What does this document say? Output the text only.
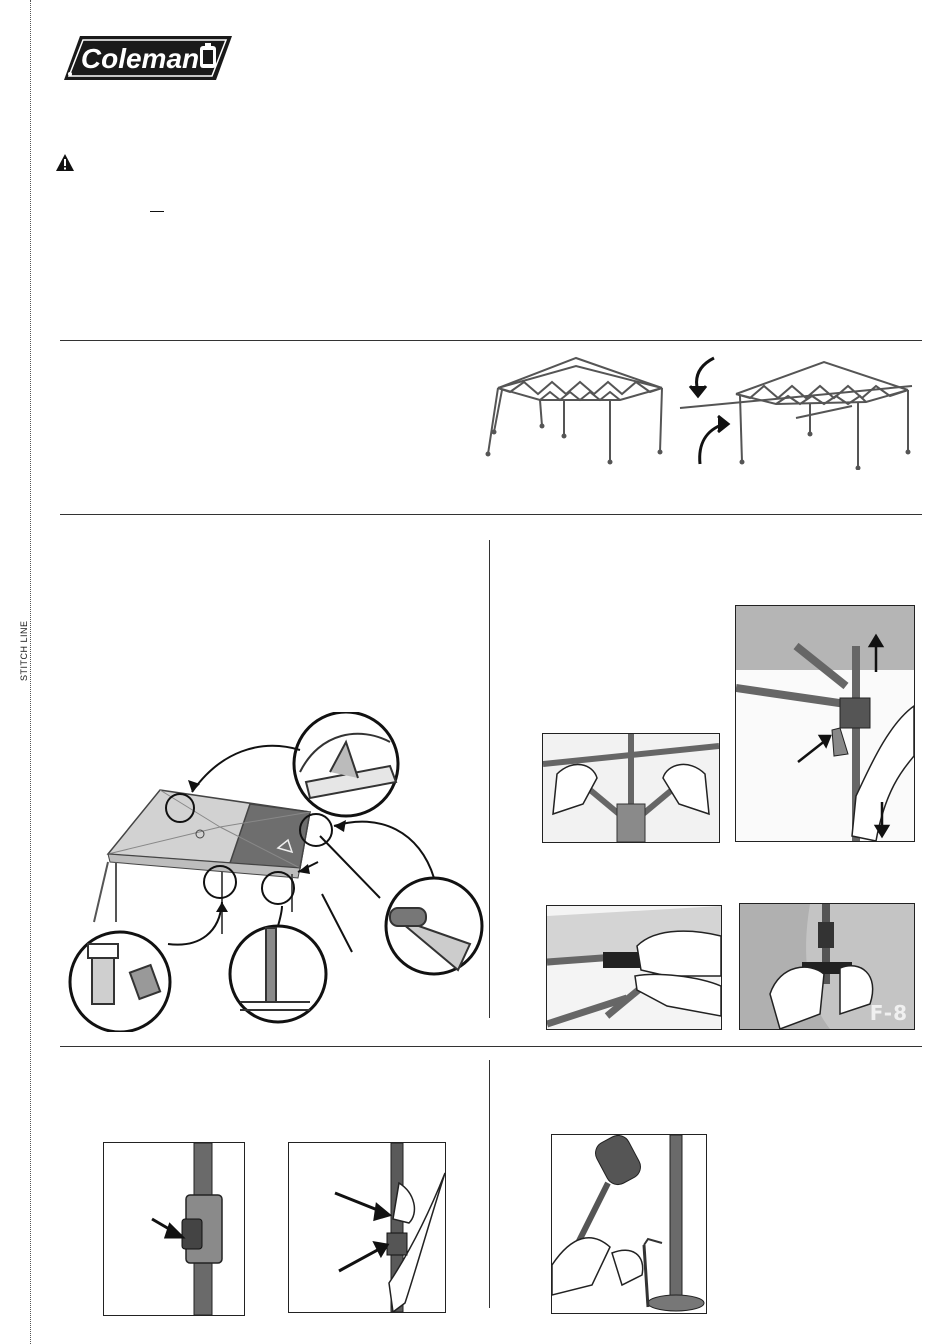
STITCH LINE
Coleman
F-8
